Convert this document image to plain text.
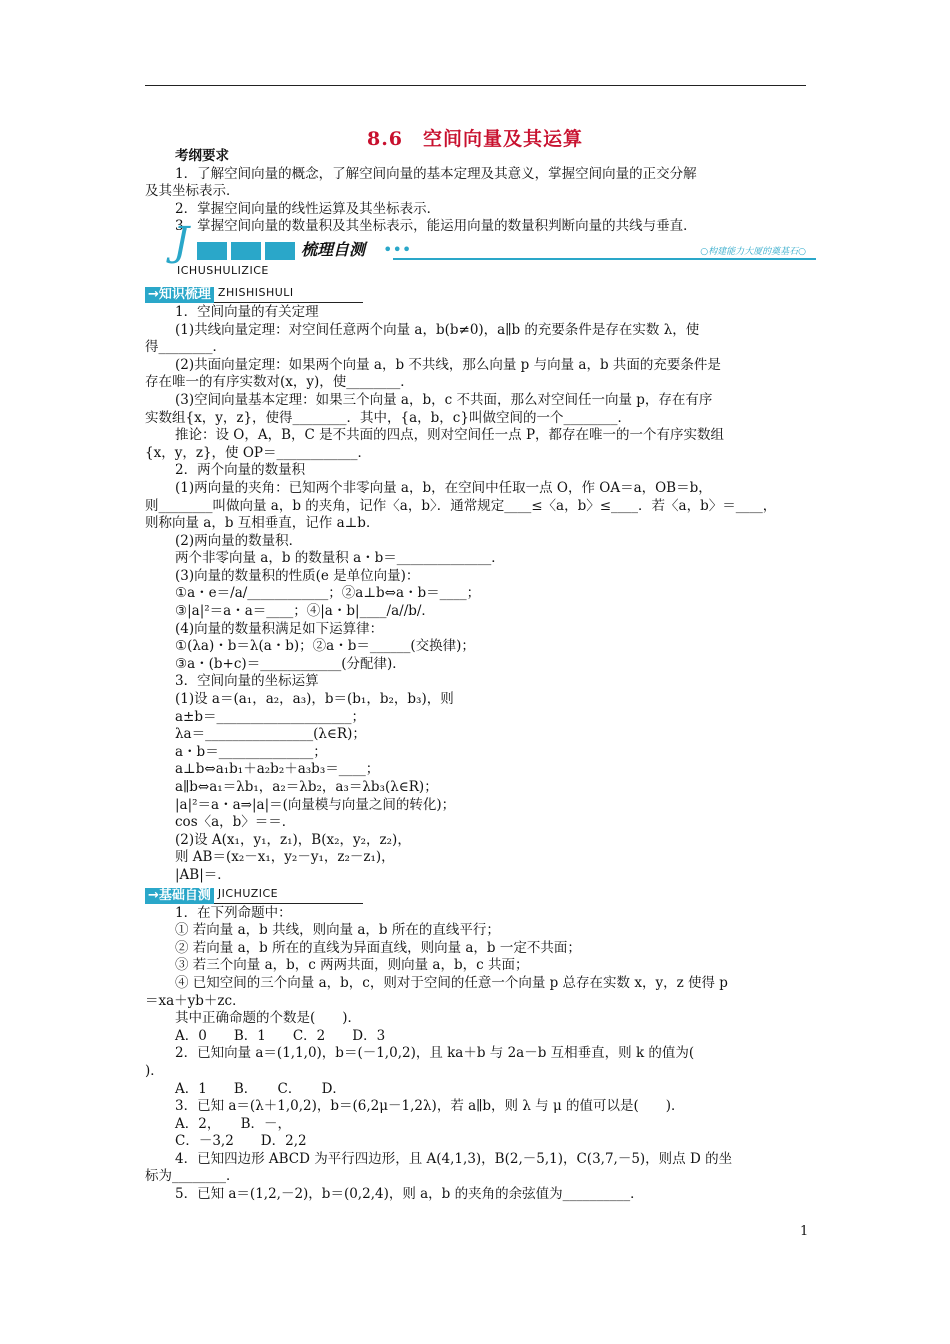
8.6　空间向量及其运算
考纲要求
1．了解空间向量的概念，了解空间向量的基本定理及其意义，掌握空间向量的正交分解
及其坐标表示．
2．掌握空间向量的线性运算及其坐标表示．
3．掌握空间向量的数量积及其坐标表示，能运用向量的数量积判断向量的共线与垂直．
J	梳理自测 •••
ICHUSHULIZICE
○构建能力大厦的奠基石○
→知识梳理 ZHISHISHULI
1．空间向量的有关定理
(1)共线向量定理：对空间任意两个向量 a，b(b≠0)，a∥b 的充要条件是存在实数 λ，使
得________．
(2)共面向量定理：如果两个向量 a，b 不共线，那么向量 p 与向量 a，b 共面的充要条件是
存在唯一的有序实数对(x，y)，使________．
(3)空间向量基本定理：如果三个向量 a，b，c 不共面，那么对空间任一向量 p，存在有序
实数组{x，y，z}，使得________．其中，{a，b，c}叫做空间的一个________．
推论：设 O，A，B，C 是不共面的四点，则对空间任一点 P，都存在唯一的一个有序实数组
{x，y，z}，使 OP＝____________．
2．两个向量的数量积
(1)两向量的夹角：已知两个非零向量 a，b，在空间中任取一点 O，作 OA＝a，OB＝b，
则________叫做向量 a，b 的夹角，记作〈a，b〉．通常规定____≤〈a，b〉≤____．若〈a，b〉＝____，
则称向量 a，b 互相垂直，记作 a⊥b．
(2)两向量的数量积．
两个非零向量 a，b 的数量积 a・b＝______________．
(3)向量的数量积的性质(e 是单位向量)：
①a・e＝/a/____________；②a⊥b⇔a・b＝____；
③|a|²＝a・a＝____；④|a・b|____/a//b/．
(4)向量的数量积满足如下运算律：
①(λa)・b＝λ(a・b)；②a・b＝______(交换律)；
③a・(b+c)＝____________(分配律)．
3．空间向量的坐标运算
(1)设 a＝(a₁，a₂，a₃)，b＝(b₁，b₂，b₃)，则
a±b＝____________________；
λa＝________________(λ∈R)；
a・b＝______________；
a⊥b⇔a₁b₁＋a₂b₂＋a₃b₃＝____；
a∥b⇔a₁＝λb₁，a₂＝λb₂，a₃＝λb₃(λ∈R)；
|a|²＝a・a⇒|a|＝(向量模与向量之间的转化)；
cos〈a，b〉＝＝．
(2)设 A(x₁，y₁，z₁)，B(x₂，y₂，z₂)，
则 AB＝(x₂－x₁，y₂－y₁，z₂－z₁)，
|AB|＝．
→基础自测 JICHUZICE
1．在下列命题中：
① 若向量 a，b 共线，则向量 a，b 所在的直线平行；
② 若向量 a，b 所在的直线为异面直线，则向量 a，b 一定不共面；
③ 若三个向量 a，b，c 两两共面，则向量 a，b，c 共面；
④ 已知空间的三个向量 a，b，c，则对于空间的任意一个向量 p 总存在实数 x，y，z 使得 p
＝xa＋yb＋zc．
其中正确命题的个数是(　　)．
A．0　　B．1　　C．2　　D．3
2．已知向量 a＝(1,1,0)，b＝(－1,0,2)，且 ka＋b 与 2a－b 互相垂直，则 k 的值为(
)．
A．1　　B．　　C．　　D．
3．已知 a＝(λ＋1,0,2)，b＝(6,2μ－1,2λ)，若 a∥b，则 λ 与 μ 的值可以是(　　)．
A．2，　　B．－，
C．－3,2　　D．2,2
4．已知四边形 ABCD 为平行四边形，且 A(4,1,3)，B(2,－5,1)，C(3,7,－5)，则点 D 的坐
标为________．
5．已知 a＝(1,2,－2)，b＝(0,2,4)，则 a，b 的夹角的余弦值为__________．
1
